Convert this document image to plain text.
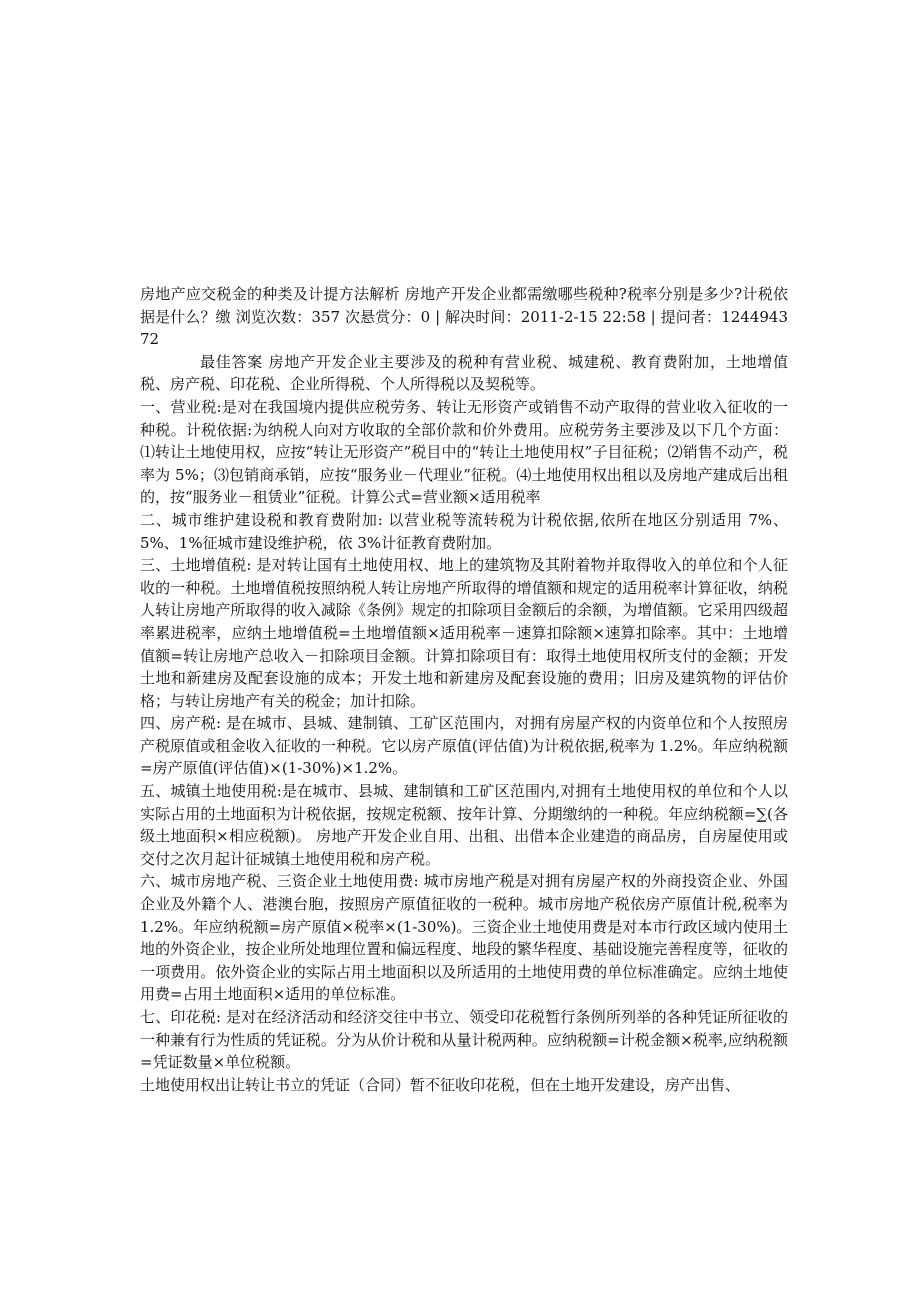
房地产应交税金的种类及计提方法解析 房地产开发企业都需缴哪些税种?税率分别是多少?计税依据是什么？缴 浏览次数：357 次悬赏分：0 | 解决时间：2011-2-15 22:58 | 提问者：124494372

最佳答案 房地产开发企业主要涉及的税种有营业税、城建税、教育费附加，土地增值税、房产税、印花税、企业所得税、个人所得税以及契税等。

一、营业税:是对在我国境内提供应税劳务、转让无形资产或销售不动产取得的营业收入征收的一种税。计税依据:为纳税人向对方收取的全部价款和价外费用。应税劳务主要涉及以下几个方面：⑴转让土地使用权，应按“转让无形资产”税目中的“转让土地使用权”子目征税；⑵销售不动产，税率为 5%；⑶包销商承销，应按“服务业－代理业”征税。⑷土地使用权出租以及房地产建成后出租的，按“服务业－租赁业”征税。计算公式=营业额×适用税率

二、城市维护建设税和教育费附加: 以营业税等流转税为计税依据,依所在地区分别适用 7%、5%、1%征城市建设维护税，依 3%计征教育费附加。

三、土地增值税: 是对转让国有土地使用权、地上的建筑物及其附着物并取得收入的单位和个人征收的一种税。土地增值税按照纳税人转让房地产所取得的增值额和规定的适用税率计算征收，纳税人转让房地产所取得的收入减除《条例》规定的扣除项目金额后的余额，为增值额。它采用四级超率累进税率，应纳土地增值税=土地增值额×适用税率－速算扣除额×速算扣除率。其中：土地增值额=转让房地产总收入－扣除项目金额。计算扣除项目有：取得土地使用权所支付的金额；开发土地和新建房及配套设施的成本；开发土地和新建房及配套设施的费用；旧房及建筑物的评估价格；与转让房地产有关的税金；加计扣除。

四、房产税: 是在城市、县城、建制镇、工矿区范围内，对拥有房屋产权的内资单位和个人按照房产税原值或租金收入征收的一种税。它以房产原值(评估值)为计税依据,税率为 1.2%。年应纳税额=房产原值(评估值)×(1-30%)×1.2%。

五、城镇土地使用税:是在城市、县城、建制镇和工矿区范围内,对拥有土地使用权的单位和个人以实际占用的土地面积为计税依据，按规定税额、按年计算、分期缴纳的一种税。年应纳税额=∑(各级土地面积×相应税额)。 房地产开发企业自用、出租、出借本企业建造的商品房，自房屋使用或交付之次月起计征城镇土地使用税和房产税。

六、城市房地产税、三资企业土地使用费: 城市房地产税是对拥有房屋产权的外商投资企业、外国企业及外籍个人、港澳台胞，按照房产原值征收的一税种。城市房地产税依房产原值计税,税率为 1.2%。年应纳税额=房产原值×税率×(1-30%)。三资企业土地使用费是对本市行政区域内使用土地的外资企业，按企业所处地理位置和偏远程度、地段的繁华程度、基础设施完善程度等，征收的一项费用。依外资企业的实际占用土地面积以及所适用的土地使用费的单位标准确定。应纳土地使用费=占用土地面积×适用的单位标准。

七、印花税: 是对在经济活动和经济交往中书立、领受印花税暂行条例所列举的各种凭证所征收的一种兼有行为性质的凭证税。分为从价计税和从量计税两种。应纳税额=计税金额×税率,应纳税额=凭证数量×单位税额。

土地使用权出让转让书立的凭证（合同）暂不征收印花税，但在土地开发建设，房产出售、
